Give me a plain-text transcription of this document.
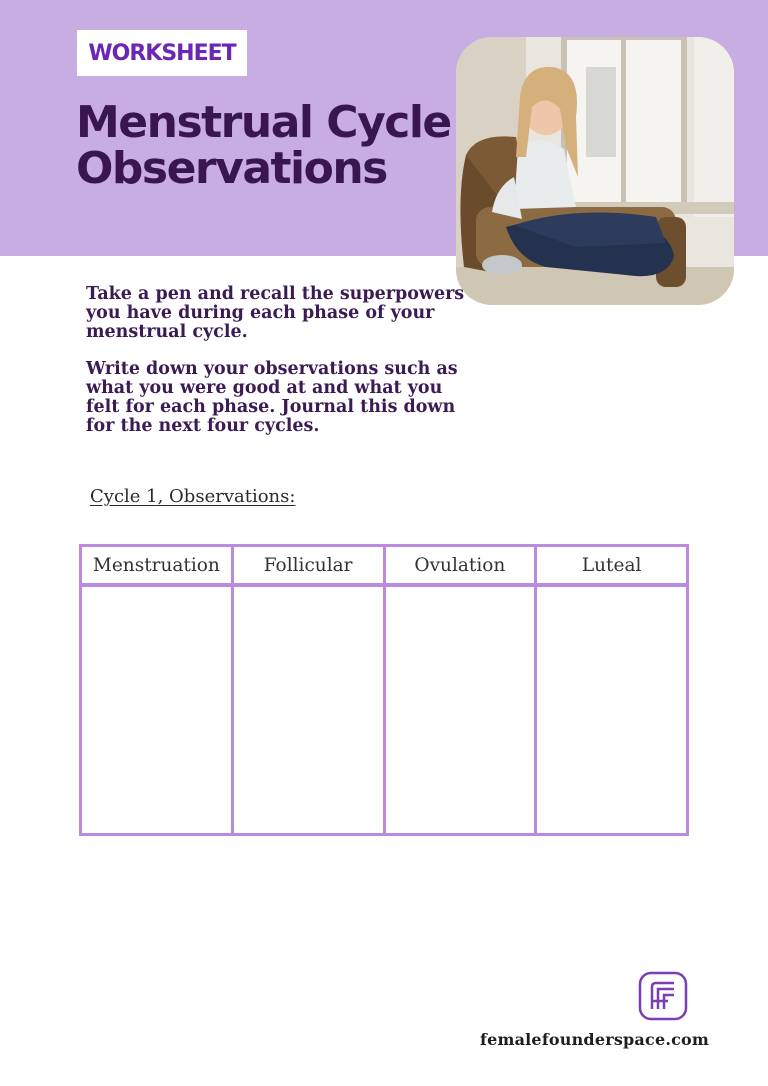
WORKSHEET
Menstrual Cycle
Observations

Take a pen and recall the superpowers you have during each phase of your menstrual cycle.

Write down your observations such as what you were good at and what you felt for each phase. Journal this down for the next four cycles.

Cycle 1, Observations:
Menstruation	Follicular	Ovulation	Luteal
femalefounderspace.com
